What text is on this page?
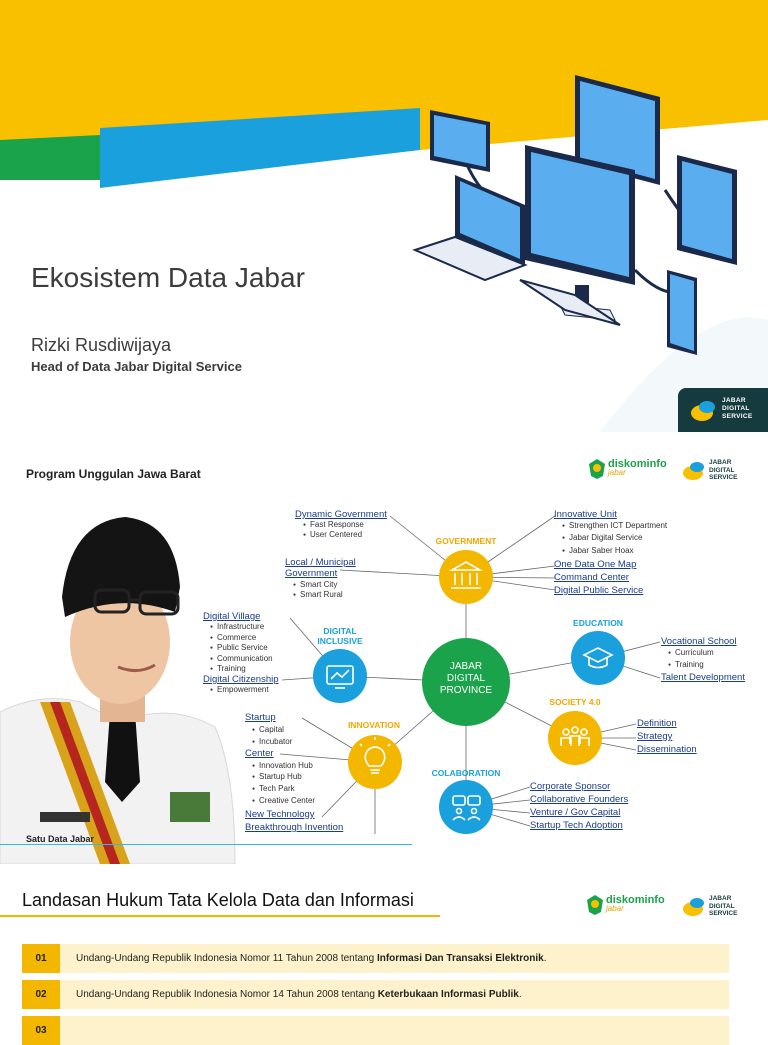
Ekosistem Data Jabar
Rizki Rusdiwijaya
Head of Data Jabar Digital Service
JABAR
DIGITAL
SERVICE
Program Unggulan Jawa Barat
diskominfo
jabar
JABAR
DIGITAL
SERVICE
JABAR
DIGITAL
PROVINCE
GOVERNMENT
DIGITAL
INCLUSIVE
EDUCATION
SOCIETY 4.0
INNOVATION
COLABORATION
Dynamic Government
● Fast Response
● User Centered
Local / Municipal
Government
● Smart City
● Smart Rural
Innovative Unit
● Strengthen ICT Department
● Jabar Digital Service
● Jabar Saber Hoax
One Data One Map
Command Center
Digital Public Service
Digital Village
● Infrastructure
● Commerce
● Public Service
● Communication
● Training
Digital Citizenship
● Empowerment
Vocational School
● Curriculum
● Training
Talent Development
Definition
Strategy
Dissemination
Startup
● Capital
● Incubator
Center
● Innovation Hub
● Startup Hub
● Tech Park
● Creative Center
New Technology
Breakthrough Invention
Corporate Sponsor
Collaborative Founders
Venture / Gov Capital
Startup Tech Adoption
Satu Data Jabar
Landasan Hukum Tata Kelola Data dan Informasi	diskominfo
jabar
JABAR
DIGITAL
SERVICE
01	Undang-Undang Republik Indonesia Nomor 11 Tahun 2008 tentang Informasi Dan Transaksi Elektronik.
02	Undang-Undang Republik Indonesia Nomor 14 Tahun 2008 tentang Keterbukaan Informasi Publik.
03
